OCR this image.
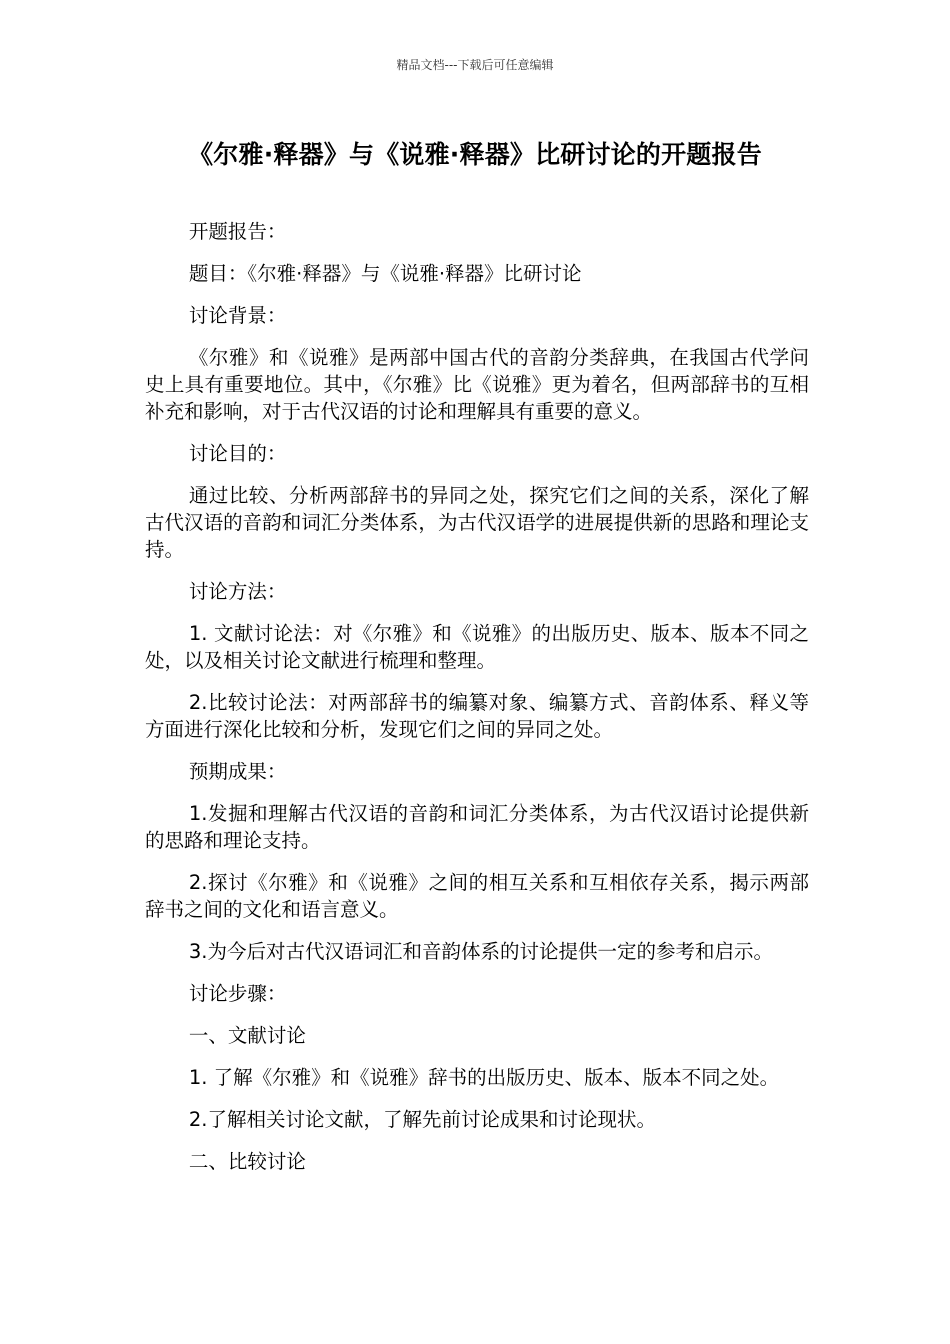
精品文档---下载后可任意编辑
《尔雅·释器》与《说雅·释器》比研讨论的开题报告

开题报告：

题目：《尔雅·释器》与《说雅·释器》比研讨论

讨论背景：

《尔雅》和《说雅》是两部中国古代的音韵分类辞典，在我国古代学问史上具有重要地位。其中，《尔雅》比《说雅》更为着名，但两部辞书的互相补充和影响，对于古代汉语的讨论和理解具有重要的意义。

讨论目的：

通过比较、分析两部辞书的异同之处，探究它们之间的关系，深化了解古代汉语的音韵和词汇分类体系，为古代汉语学的进展提供新的思路和理论支持。

讨论方法：

1. 文献讨论法：对《尔雅》和《说雅》的出版历史、版本、版本不同之处，以及相关讨论文献进行梳理和整理。

2.比较讨论法：对两部辞书的编纂对象、编纂方式、音韵体系、释义等方面进行深化比较和分析，发现它们之间的异同之处。

预期成果：

1.发掘和理解古代汉语的音韵和词汇分类体系，为古代汉语讨论提供新的思路和理论支持。

2.探讨《尔雅》和《说雅》之间的相互关系和互相依存关系，揭示两部辞书之间的文化和语言意义。

3.为今后对古代汉语词汇和音韵体系的讨论提供一定的参考和启示。

讨论步骤：

一、文献讨论

1. 了解《尔雅》和《说雅》辞书的出版历史、版本、版本不同之处。

2.了解相关讨论文献，了解先前讨论成果和讨论现状。

二、比较讨论
